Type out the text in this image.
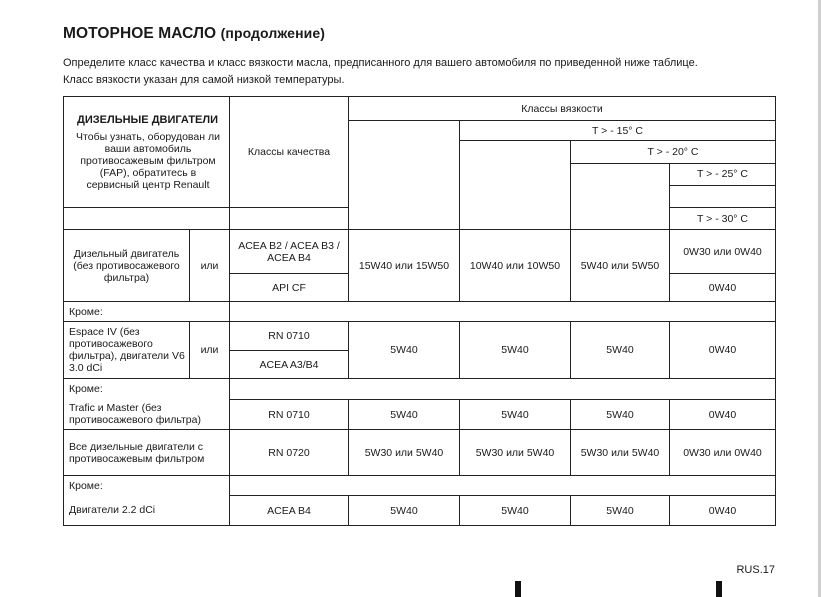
МОТОРНОЕ МАСЛО (продолжение)
Определите класс качества и класс вязкости масла, предписанного для вашего автомобиля по приведенной ниже таблице.
Класс вязкости указан для самой низкой температуры.
ДИЗЕЛЬНЫЕ ДВИГАТЕЛИ
Чтобы узнать, оборудован ли ваши автомобиль противосажевым фильтром (FAP), обратитесь в сервисный центр Renault		Классы качества	Классы вязкости			
				T > - 15° C		
					T > - 20° C	

						T > - 25° C

						T > - 30° C
Дизельный двигатель (без противосажевого фильтра)	или	ACEA B2 / ACEA B3 / ACEA B4	15W40 или 15W50	10W40 или 10W50	5W40 или 5W50	0W30 или 0W40
		API CF				0W40
Кроме:						
Espace IV (без противосажевого фильтра), двигатели V6 3.0 dCi	или	RN 0710	5W40	5W40	5W40	0W40
		ACEA A3/B4				
Кроме:						
Trafic и Master (без противосажевого фильтра)		RN 0710	5W40	5W40	5W40	0W40
Все дизельные двигатели с противосажевым фильтром		RN 0720	5W30 или 5W40	5W30 или 5W40	5W30 или 5W40	0W30 или 0W40
Кроме:						
Двигатели 2.2 dCi		ACEA B4	5W40	5W40	5W40	0W40
RUS.17
